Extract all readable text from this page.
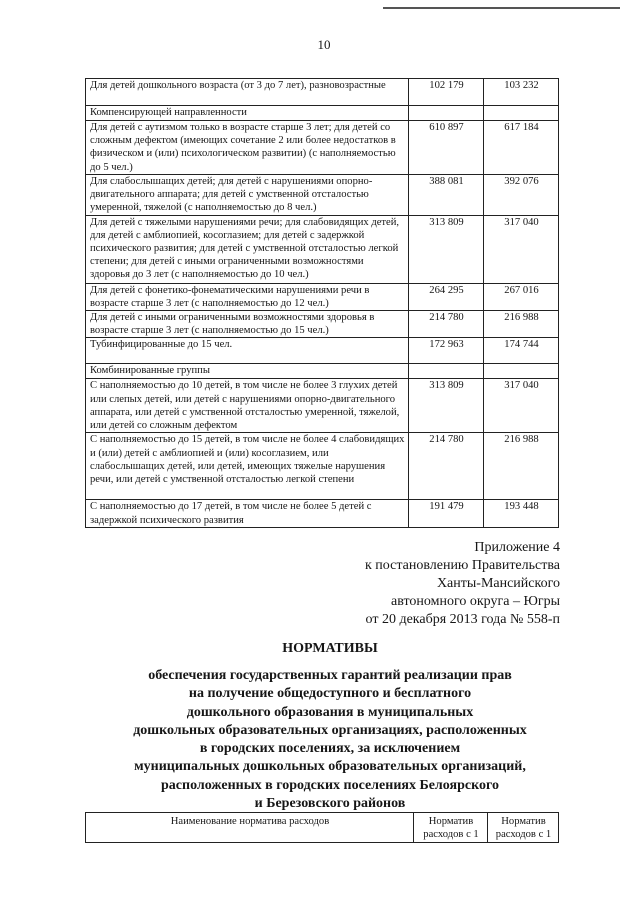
10
Для детей дошкольного возраста (от 3 до 7 лет), разновозрастные	102 179	103 232
Компенсирующей направленности		
Для детей с аутизмом только в возрасте старше 3 лет; для детей со сложным дефектом (имеющих сочетание 2 или более недостатков в физическом и (или) психологическом развитии) (с наполняемостью до 5 чел.)	610 897	617 184
Для слабослышащих детей; для детей с нарушениями опорно-двигательного аппарата; для детей с умственной отсталостью умеренной, тяжелой (с наполняемостью до 8 чел.)	388 081	392 076
Для детей с тяжелыми нарушениями речи; для слабовидящих детей, для детей с амблиопией, косоглазием; для детей с задержкой психического развития; для детей с умственной отсталостью легкой степени; для детей с иными ограниченными возможностями здоровья до 3 лет (с наполняемостью до 10 чел.)	313 809	317 040
Для детей с фонетико-фонематическими нарушениями речи в возрасте старше 3 лет (с наполняемостью до 12 чел.)	264 295	267 016
Для детей с иными ограниченными возможностями здоровья в возрасте старше 3 лет (с наполняемостью до 15 чел.)	214 780	216 988
Тубинфицированные до 15 чел.	172 963	174 744
Комбинированные группы		
С наполняемостью до 10 детей, в том числе не более 3 глухих детей или слепых детей, или детей с нарушениями опорно-двигательного аппарата, или детей с умственной отсталостью умеренной, тяжелой, или детей со сложным дефектом	313 809	317 040
С наполняемостью до 15 детей, в том числе не более 4 слабовидящих и (или) детей с амблиопией и (или) косоглазием, или слабослышащих детей, или детей, имеющих тяжелые нарушения речи, или детей с умственной отсталостью легкой степени	214 780	216 988
С наполняемостью до 17 детей, в том числе не более 5 детей с задержкой психического развития	191 479	193 448
Приложение 4
к постановлению Правительства
Ханты-Мансийского
автономного округа – Югры
от 20 декабря 2013 года № 558-п
НОРМАТИВЫ
обеспечения государственных гарантий реализации прав
на получение общедоступного и бесплатного
дошкольного образования в муниципальных
дошкольных образовательных организациях, расположенных
в городских поселениях, за исключением
муниципальных дошкольных образовательных организаций,
расположенных в городских поселениях Белоярского
и Березовского районов
Наименование норматива расходов	Норматив расходов с 1	Норматив расходов с 1
